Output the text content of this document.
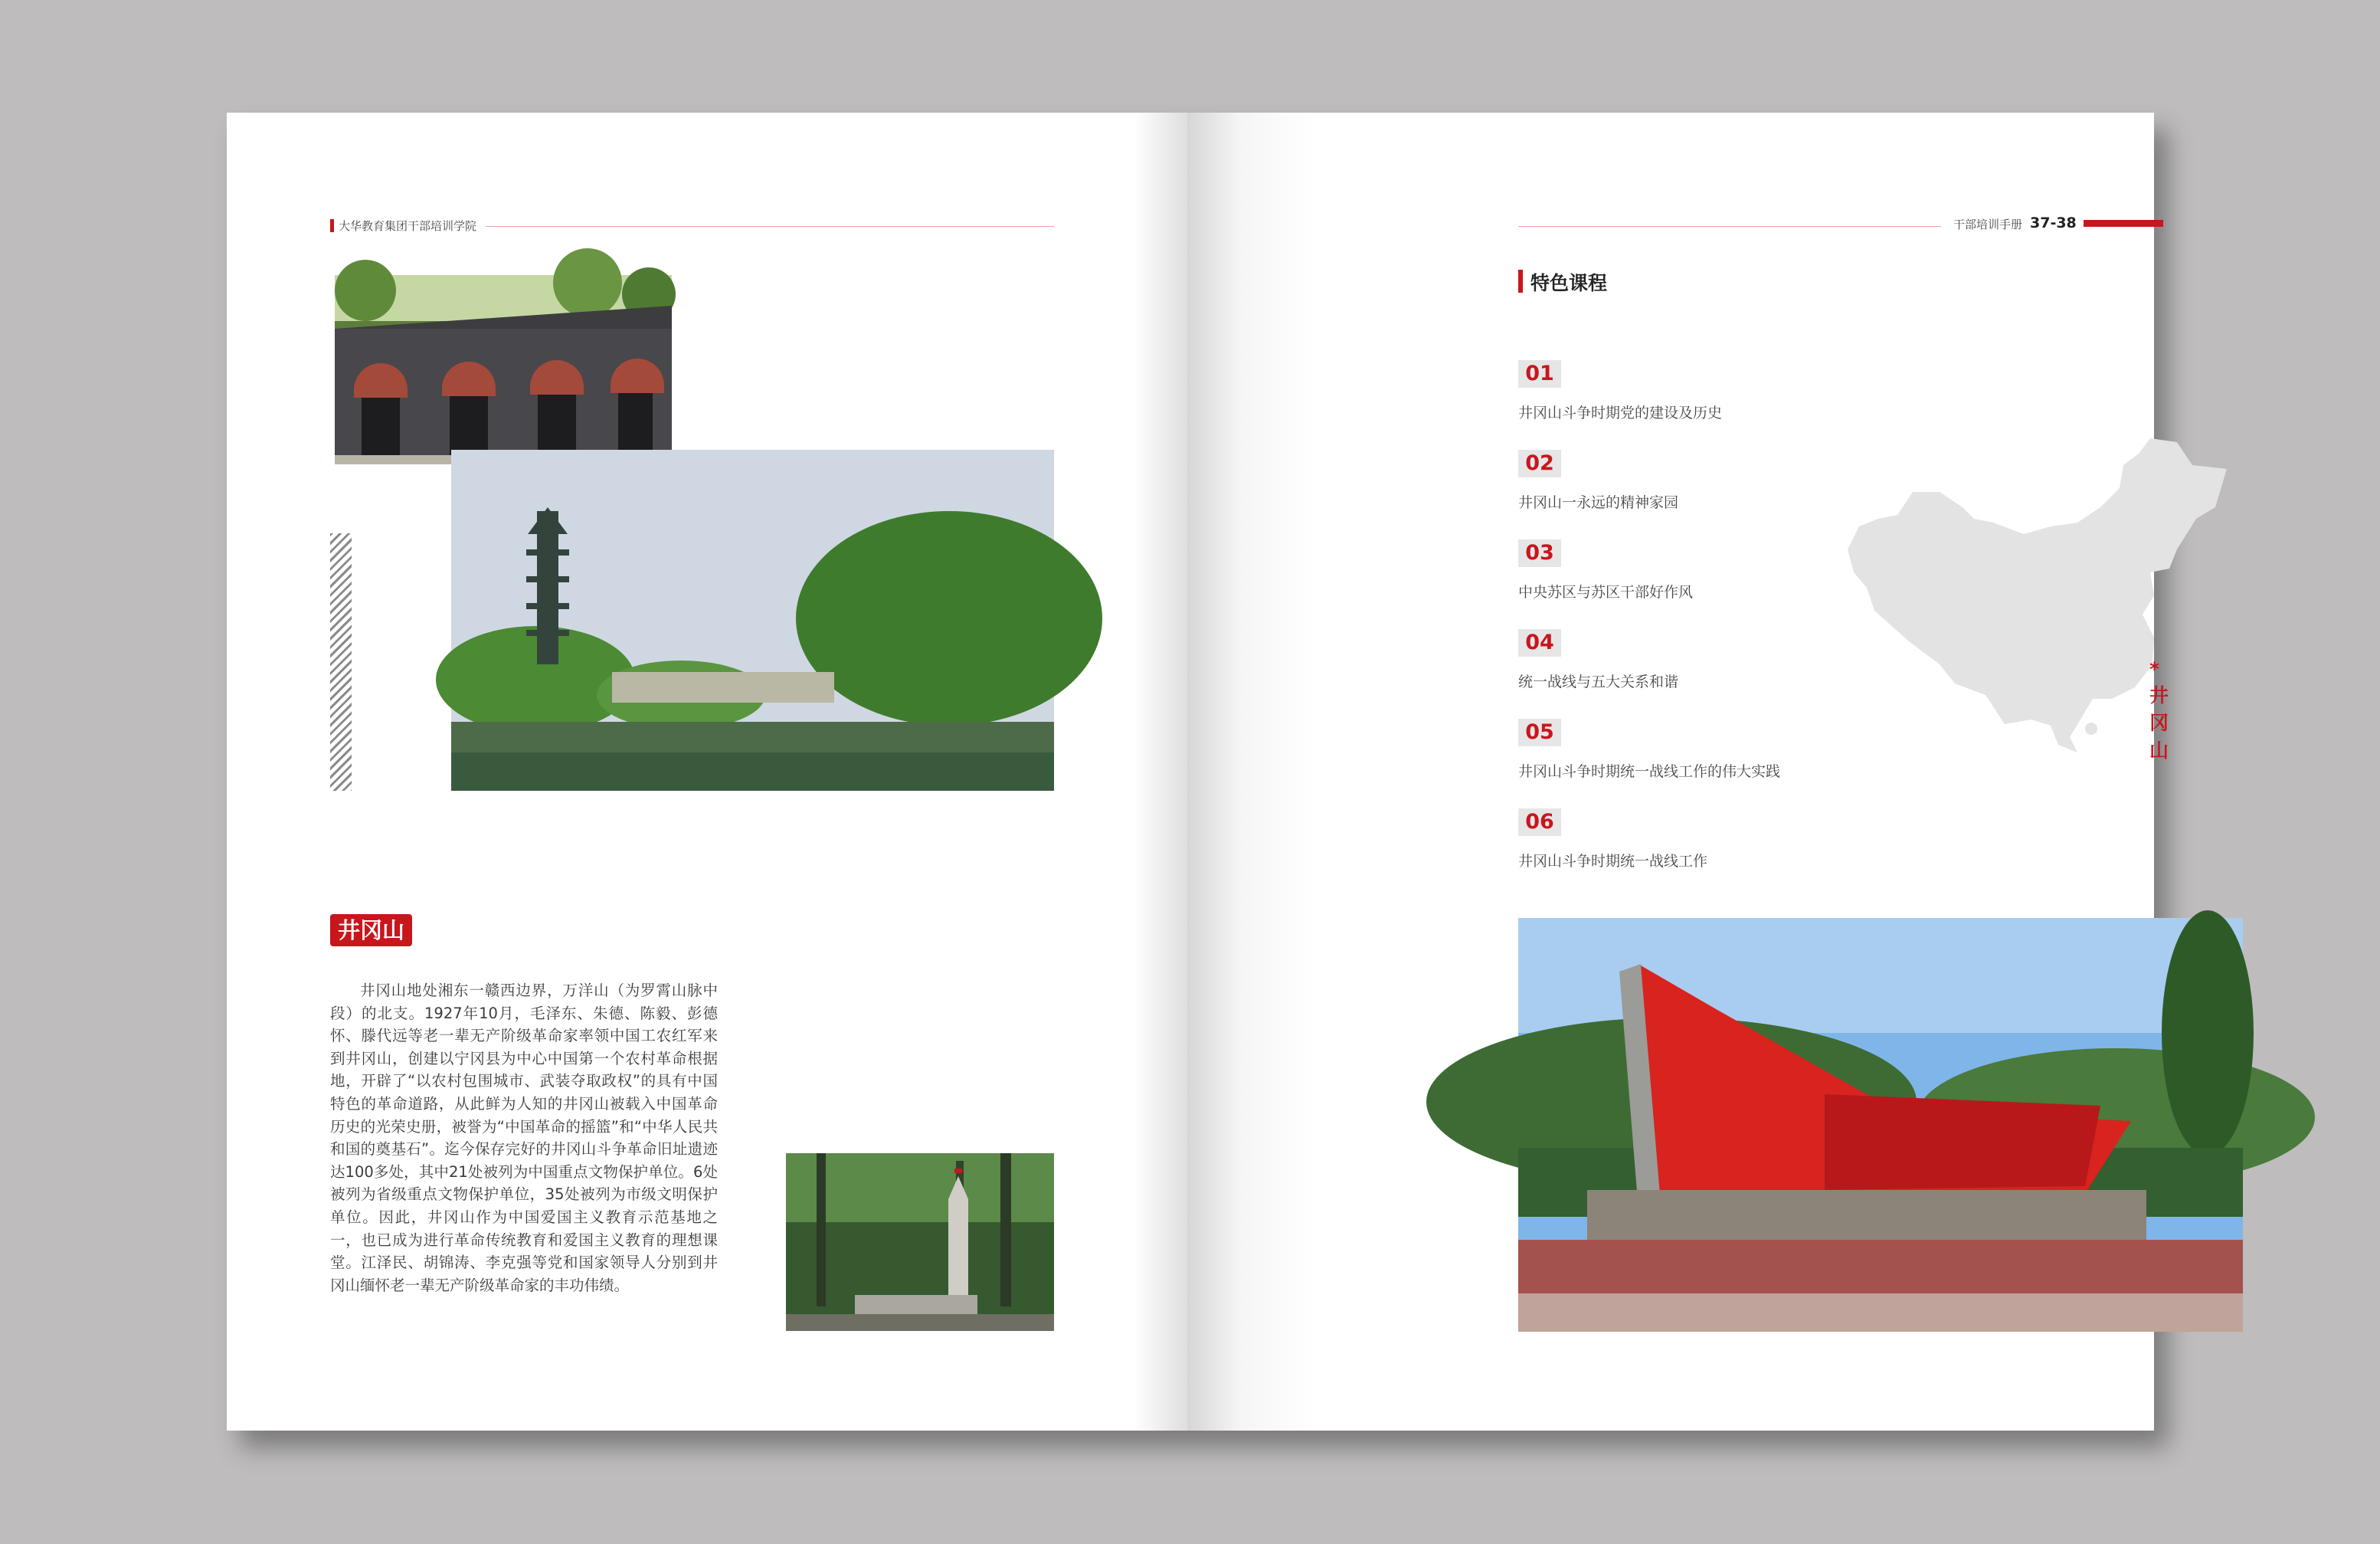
大华教育集团干部培训学院
井冈山
井冈山地处湘东一赣西边界，万洋山（为罗霄山脉中段）的北支。1927年10月，毛泽东、朱德、陈毅、彭德怀、滕代远等老一辈无产阶级革命家率领中国工农红军来到井冈山，创建以宁冈县为中心中国第一个农村革命根据地，开辟了“以农村包围城市、武装夺取政权”的具有中国特色的革命道路，从此鲜为人知的井冈山被载入中国革命历史的光荣史册，被誉为“中国革命的摇篮”和“中华人民共和国的奠基石”。迄今保存完好的井冈山斗争革命旧址遗迹达100多处，其中21处被列为中国重点文物保护单位。6处被列为省级重点文物保护单位，35处被列为市级文明保护单位。因此，井冈山作为中国爱国主义教育示范基地之一，也已成为进行革命传统教育和爱国主义教育的理想课堂。江泽民、胡锦涛、李克强等党和国家领导人分别到井冈山缅怀老一辈无产阶级革命家的丰功伟绩。
干部培训手册 37-38
特色课程
01
井冈山斗争时期党的建设及历史
02
井冈山一永远的精神家园
03
中央苏区与苏区干部好作风
04
统一战线与五大关系和谐
05
井冈山斗争时期统一战线工作的伟大实践
06
井冈山斗争时期统一战线工作
* 井冈山
